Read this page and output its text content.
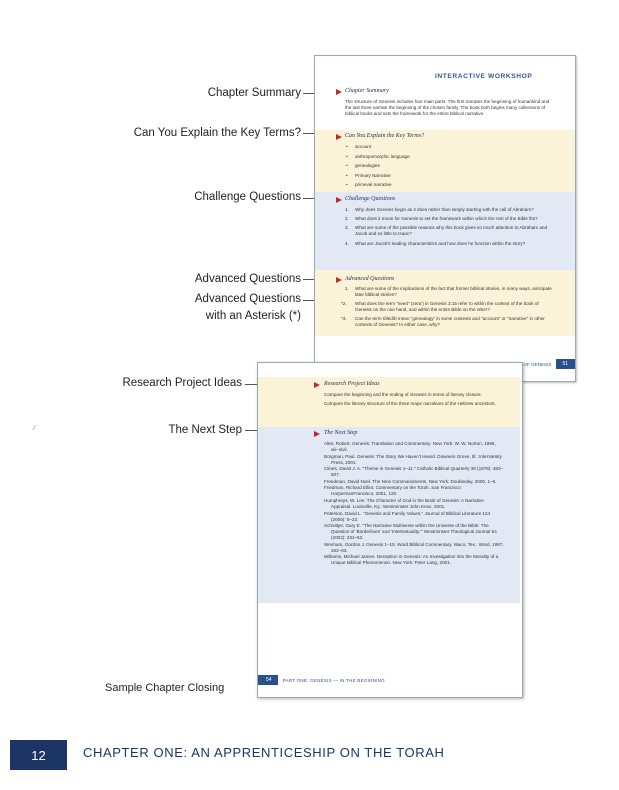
Chapter Summary
Can You Explain the Key Terms?
Challenge Questions
Advanced Questions
Advanced Questions
with an Asterisk (*)
Research Project Ideas
The Next Step
⁄
INTERACTIVE WORKSHOP
Chapter Summary
The structure of Genesis includes four main parts. The first narrates the beginning of humankind and the last three narrate the beginning of the chosen family. The book both begins many collections of biblical books and sets the framework for the entire biblical narrative.
Can You Explain the Key Terms?
• account
• anthropomorphic language
• genealogies
• Primary Narrative
• primeval narrative
Challenge Questions
1. Why does Genesis begin as it does rather than simply starting with the call of Abraham?
2. What does it mean for Genesis to set the framework within which the rest of the Bible fits?
3. What are some of the possible reasons why this book gives so much attention to Abraham and Jacob and so little to Isaac?
4. What are Jacob's leading characteristics and how does he function within the story?
Advanced Questions
1. What are some of the implications of the fact that former biblical stories, in many ways, anticipate later biblical stories?
*2. What does the term "seed" (zera') in Genesis 3:15 refer to within the context of the book of Genesis on the one hand, and within the entire Bible on the other?
*3. Can the term tôlēdôt mean "genealogy" in some contexts and "account" or "narrative" in other contexts of Genesis? In either case, why?
OF GENESIS	51
Research Project Ideas
Compare the beginning and the ending of Genesis in terms of literary closure.
Compare the literary structure of the three major narratives of the Hebrew ancestors.
The Next Step
Alter, Robert. Genesis: Translation and Commentary. New York: W. W. Norton, 1996, xiii–xlvii.
Borgman, Paul. Genesis: The Story We Haven't Heard. Downers Grove, Ill.: InterVarsity Press, 2001.
Clines, David J. A. "Theme in Genesis 1–11." Catholic Biblical Quarterly 38 (1976): 483–507.
Freedman, David Noel. The Nine Commandments. New York: Doubleday, 2000, 1–6.
Friedman, Richard Elliot. Commentary on the Torah. San Francisco: HarperSanFrancisco, 2001, 120.
Humphreys, W. Lee. The Character of God in the Book of Genesis: A Narrative Appraisal. Louisville, Ky.: Westminster John Knox, 2001.
Peterson, David L. "Genesis and Family Values." Journal of Biblical Literature 124 (2005): 5–23.
Schnittjer, Gary E. "The Narrative Multiverse within the Universe of the Bible: The Question of 'Borderlines' and 'Intertextuality.'" Westminster Theological Journal 64 (2002): 231–52.
Wenham, Gordon J. Genesis 1–15. Word Biblical Commentary. Waco, Tex.: Word, 1987, 262–63.
Williams, Michael James. Deception in Genesis: An Investigation into the Morality of a Unique Biblical Phenomenon. New York: Peter Lang, 2001.
54	PART ONE: GENESIS — IN THE BEGINNING
Sample Chapter Closing
12	CHAPTER ONE: AN APPRENTICESHIP ON THE TORAH
